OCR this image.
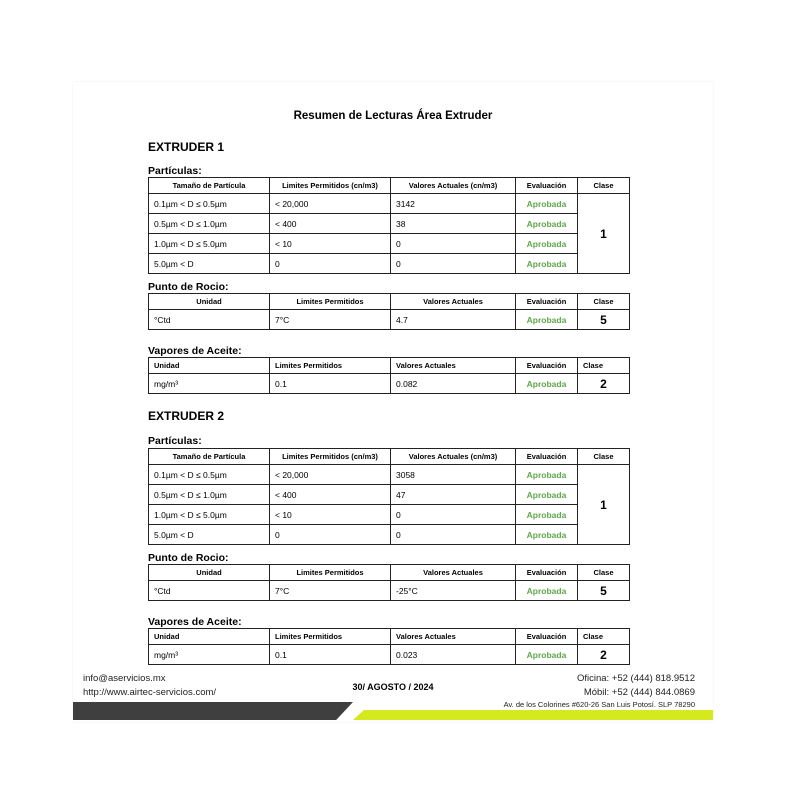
Resumen de Lecturas Área Extruder
EXTRUDER 1
Partículas:
Tamaño de Partícula	Limites Permitidos (cn/m3)	Valores Actuales (cn/m3)	Evaluación	Clase
0.1µm < D ≤ 0.5µm	< 20,000	3142	Aprobada	1
0.5µm < D ≤ 1.0µm	< 400	38	Aprobada	
1.0µm < D ≤ 5.0µm	< 10	0	Aprobada	
5.0µm < D	0	0	Aprobada	
Punto de Rocio:
Unidad	Limites Permitidos	Valores Actuales	Evaluación	Clase
°Ctd	7°C	4.7	Aprobada	5
Vapores de Aceite:
Unidad	Limites Permitidos	Valores Actuales	Evaluación	Clase
mg/m³	0.1	0.082	Aprobada	2
EXTRUDER 2
Partículas:
Tamaño de Partícula	Limites Permitidos (cn/m3)	Valores Actuales (cn/m3)	Evaluación	Clase
0.1µm < D ≤ 0.5µm	< 20,000	3058	Aprobada	1
0.5µm < D ≤ 1.0µm	< 400	47	Aprobada	
1.0µm < D ≤ 5.0µm	< 10	0	Aprobada	
5.0µm < D	0	0	Aprobada	
Punto de Rocio:
Unidad	Limites Permitidos	Valores Actuales	Evaluación	Clase
°Ctd	7°C	-25°C	Aprobada	5
Vapores de Aceite:
Unidad	Limites Permitidos	Valores Actuales	Evaluación	Clase
mg/m³	0.1	0.023	Aprobada	2
info@aservicios.mx
http://www.airtec-servicios.com/	30/ AGOSTO / 2024
Oficina: +52 (444) 818.9512
Móbil: +52 (444) 844.0869
Av. de los Colorines #620-26 San Luis Potosí. SLP 78290
